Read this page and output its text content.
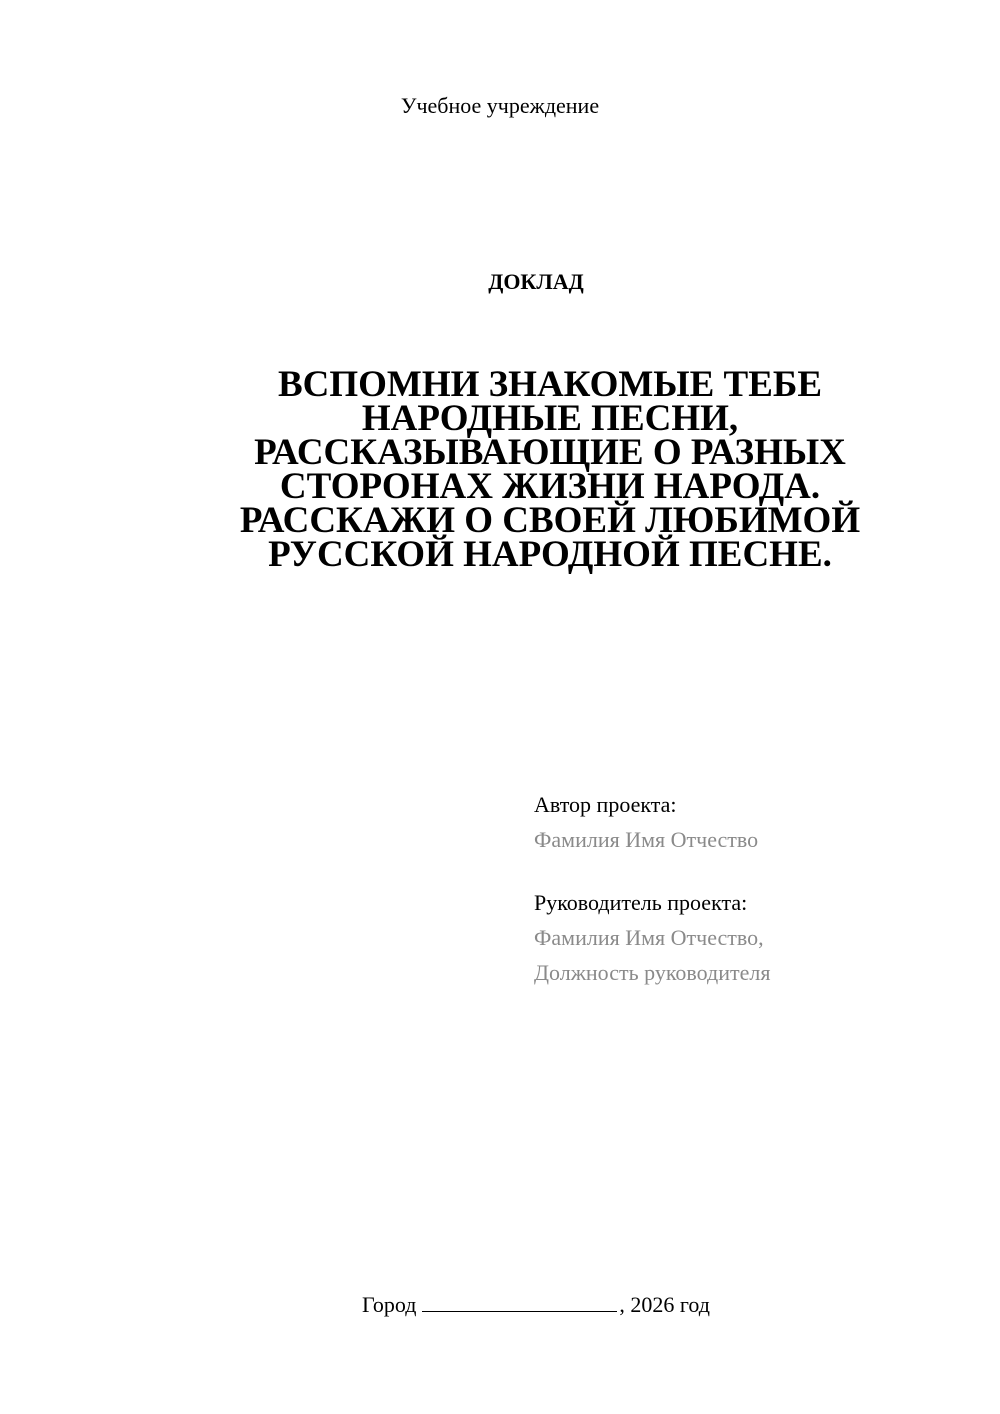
Учебное учреждение
ДОКЛАД
ВСПОМНИ ЗНАКОМЫЕ ТЕБЕ
НАРОДНЫЕ ПЕСНИ,
РАССКАЗЫВАЮЩИЕ О РАЗНЫХ
СТОРОНАХ ЖИЗНИ НАРОДА.
РАССКАЖИ О СВОЕЙ ЛЮБИМОЙ
РУССКОЙ НАРОДНОЙ ПЕСНЕ.
Автор проекта:
Фамилия Имя Отчество
Руководитель проекта:
Фамилия Имя Отчество,
Должность руководителя
Город	, 2026 год
